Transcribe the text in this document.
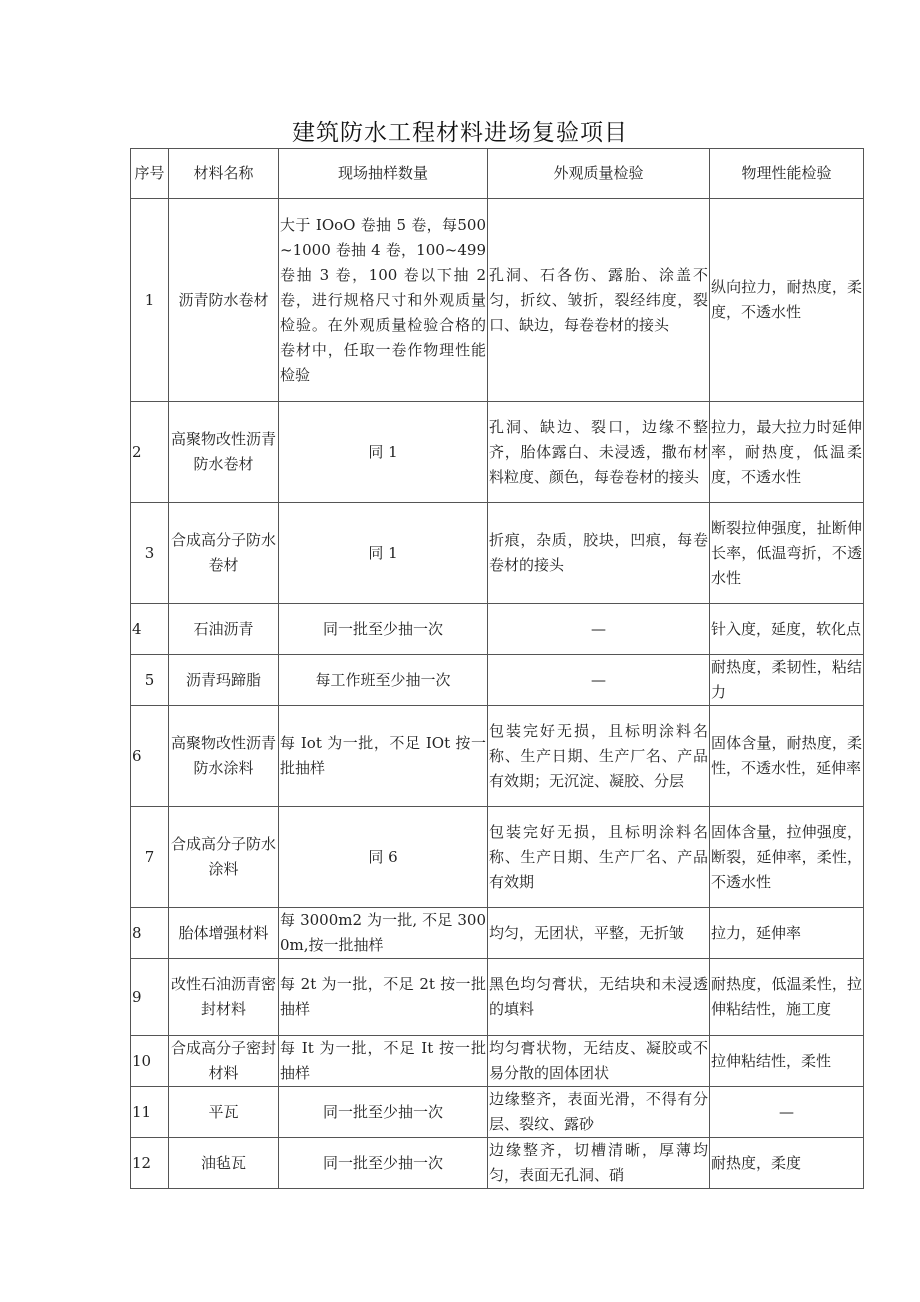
建筑防水工程材料进场复验项目
序号	材料名称	现场抽样数量	外观质量检验	物理性能检验
1	沥青防水卷材	大于 IOoO 卷抽 5 卷，每500~1000 卷抽 4 卷，100~499 卷抽 3 卷，100 卷以下抽 2 卷，进行规格尺寸和外观质量检验。在外观质量检验合格的卷材中，任取一卷作物理性能检验	孔洞、石各伤、露胎、涂盖不匀，折纹、皱折，裂经纬度，裂口、缺边，每卷卷材的接头	纵向拉力，耐热度，柔度，不透水性
2	高聚物改性沥青防水卷材	同 1	孔洞、缺边、裂口，边缘不整齐，胎体露白、未浸透，撒布材料粒度、颜色，每卷卷材的接头	拉力，最大拉力时延伸率，耐热度，低温柔度，不透水性
3	合成高分子防水卷材	同 1	折痕，杂质，胶块，凹痕，每卷卷材的接头	断裂拉伸强度，扯断伸长率，低温弯折，不透水性
4	石油沥青	同一批至少抽一次	—	针入度，延度，软化点
5	沥青玛蹄脂	每工作班至少抽一次	—	耐热度，柔韧性，粘结力
6	高聚物改性沥青防水涂料	每 Iot 为一批，不足 IOt 按一批抽样	包装完好无损，且标明涂料名称、生产日期、生产厂名、产品有效期；无沉淀、凝胶、分层	固体含量，耐热度，柔性，不透水性，延伸率
7	合成高分子防水涂料	同 6	包装完好无损，且标明涂料名称、生产日期、生产厂名、产品有效期	固体含量，拉伸强度，断裂，延伸率，柔性，不透水性
8	胎体增强材料	每 3000m2 为一批, 不足 3000m,按一批抽样	均匀，无团状，平整，无折皱	拉力，延伸率
9	改性石油沥青密封材料	每 2t 为一批，不足 2t 按一批抽样	黑色均匀膏状，无结块和未浸透的填料	耐热度，低温柔性，拉伸粘结性，施工度
10	合成高分子密封材料	每 It 为一批，不足 It 按一批抽样	均匀膏状物，无结皮、凝胶或不易分散的固体团状	拉伸粘结性，柔性
11	平瓦	同一批至少抽一次	边缘整齐，表面光滑，不得有分层、裂纹、露砂	—
12	油毡瓦	同一批至少抽一次	边缘整齐，切槽清晰，厚薄均匀，表面无孔洞、硝	耐热度，柔度
